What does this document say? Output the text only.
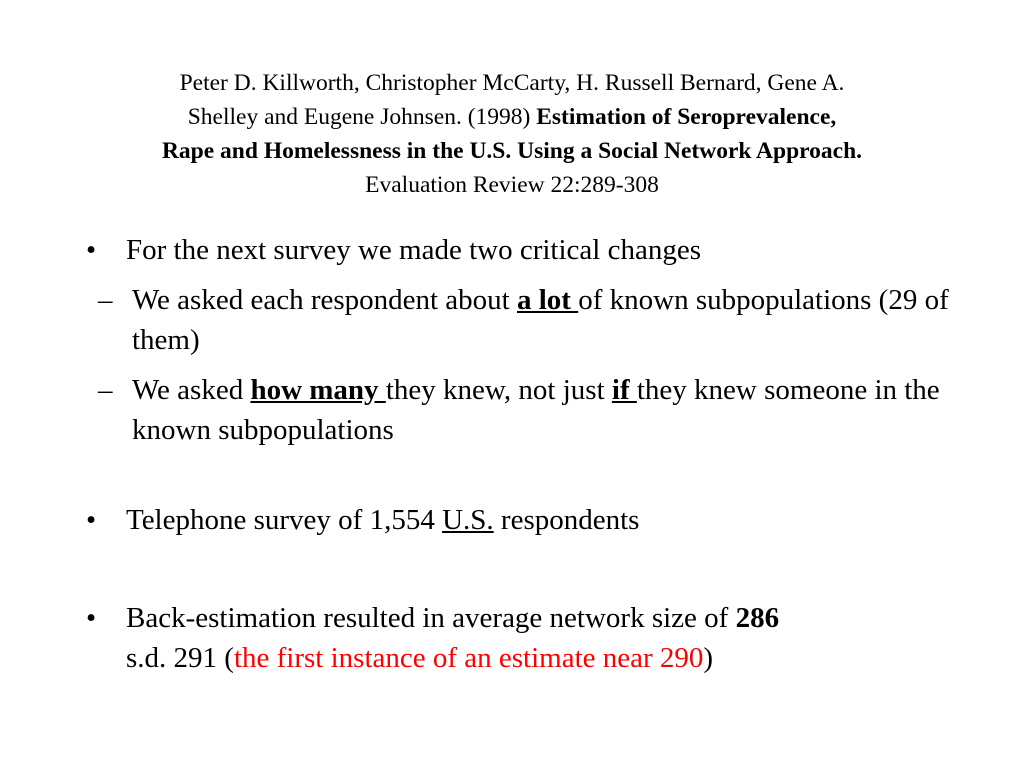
Peter D. Killworth, Christopher McCarty, H. Russell Bernard, Gene A.
Shelley and Eugene Johnsen. (1998) Estimation of Seroprevalence,
Rape and Homelessness in the U.S. Using a Social Network Approach.
Evaluation Review 22:289-308
• For the next survey we made two critical changes
– We asked each respondent about a lot of known subpopulations (29 of them)
– We asked how many they knew, not just if they knew someone in the known subpopulations
• Telephone survey of 1,554 U.S. respondents
• Back-estimation resulted in average network size of 286
s.d. 291 (the first instance of an estimate near 290)
